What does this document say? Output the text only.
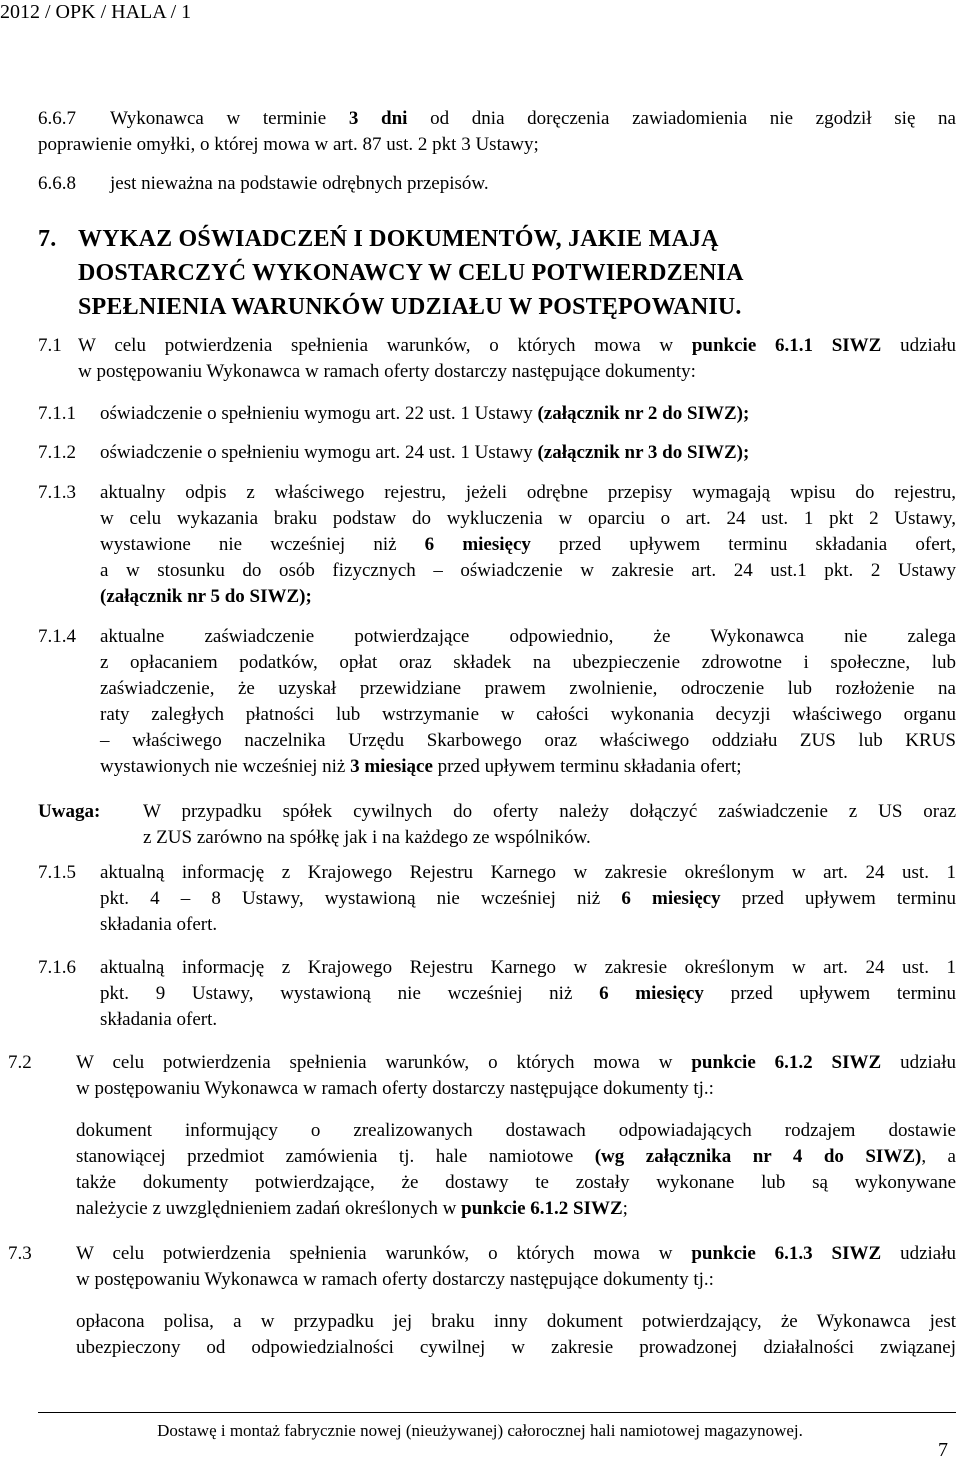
2012 / OPK / HALA / 1
6.6.7 Wykonawca w terminie 3 dni od dnia doręczenia zawiadomienia nie zgodził się na
poprawienie omyłki, o której mowa w art. 87 ust. 2 pkt 3 Ustawy;
6.6.8 jest nieważna na podstawie odrębnych przepisów.
7. WYKAZ OŚWIADCZEŃ I DOKUMENTÓW, JAKIE MAJĄ
DOSTARCZYĆ WYKONAWCY W CELU POTWIERDZENIA
SPEŁNIENIA WARUNKÓW UDZIAŁU W POSTĘPOWANIU.
7.1 W celu potwierdzenia spełnienia warunków, o których mowa w punkcie 6.1.1 SIWZ udziału
w postępowaniu Wykonawca w ramach oferty dostarczy następujące dokumenty:
7.1.1 oświadczenie o spełnieniu wymogu art. 22 ust. 1 Ustawy (załącznik nr 2 do SIWZ);
7.1.2 oświadczenie o spełnieniu wymogu art. 24 ust. 1 Ustawy (załącznik nr 3 do SIWZ);
7.1.3 aktualny odpis z właściwego rejestru, jeżeli odrębne przepisy wymagają wpisu do rejestru,
w celu wykazania braku podstaw do wykluczenia w oparciu o art. 24 ust. 1 pkt 2 Ustawy,
wystawione nie wcześniej niż 6 miesięcy przed upływem terminu składania ofert,
a w stosunku do osób fizycznych – oświadczenie w zakresie art. 24 ust.1 pkt. 2 Ustawy
(załącznik nr 5 do SIWZ);
7.1.4 aktualne zaświadczenie potwierdzające odpowiednio, że Wykonawca nie zalega
z opłacaniem podatków, opłat oraz składek na ubezpieczenie zdrowotne i społeczne, lub
zaświadczenie, że uzyskał przewidziane prawem zwolnienie, odroczenie lub rozłożenie na
raty zaległych płatności lub wstrzymanie w całości wykonania decyzji właściwego organu
– właściwego naczelnika Urzędu Skarbowego oraz właściwego oddziału ZUS lub KRUS
wystawionych nie wcześniej niż 3 miesiące przed upływem terminu składania ofert;
Uwaga: W przypadku spółek cywilnych do oferty należy dołączyć zaświadczenie z US oraz
z ZUS zarówno na spółkę jak i na każdego ze wspólników.
7.1.5 aktualną informację z Krajowego Rejestru Karnego w zakresie określonym w art. 24 ust. 1
pkt. 4 – 8 Ustawy, wystawioną nie wcześniej niż 6 miesięcy przed upływem terminu
składania ofert.
7.1.6 aktualną informację z Krajowego Rejestru Karnego w zakresie określonym w art. 24 ust. 1
pkt. 9 Ustawy, wystawioną nie wcześniej niż 6 miesięcy przed upływem terminu
składania ofert.
7.2 W celu potwierdzenia spełnienia warunków, o których mowa w punkcie 6.1.2 SIWZ udziału
w postępowaniu Wykonawca w ramach oferty dostarczy następujące dokumenty tj.:
dokument informujący o zrealizowanych dostawach odpowiadających rodzajem dostawie
stanowiącej przedmiot zamówienia tj. hale namiotowe (wg załącznika nr 4 do SIWZ), a
także dokumenty potwierdzające, że dostawy te zostały wykonane lub są wykonywane
należycie z uwzględnieniem zadań określonych w punkcie 6.1.2 SIWZ;
7.3 W celu potwierdzenia spełnienia warunków, o których mowa w punkcie 6.1.3 SIWZ udziału
w postępowaniu Wykonawca w ramach oferty dostarczy następujące dokumenty tj.:
opłacona polisa, a w przypadku jej braku inny dokument potwierdzający, że Wykonawca jest
ubezpieczony od odpowiedzialności cywilnej w zakresie prowadzonej działalności związanej
Dostawę i montaż fabrycznie nowej (nieużywanej) całorocznej hali namiotowej magazynowej.
7
